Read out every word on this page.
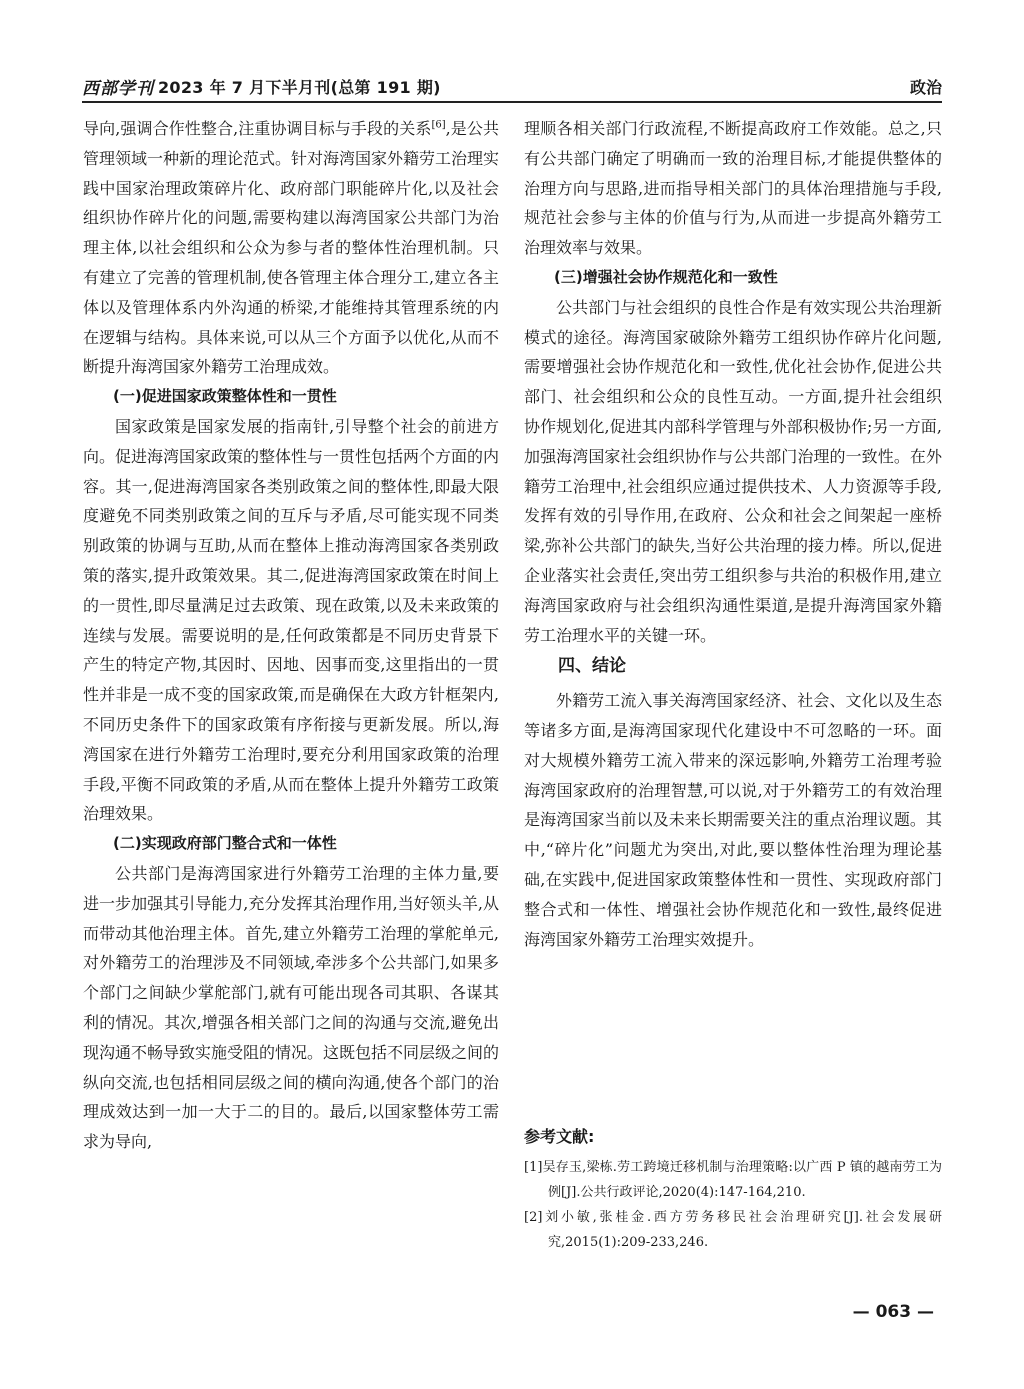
西部学刊 2023 年 7 月下半月刊(总第 191 期)	政治

导向,强调合作性整合,注重协调目标与手段的关系[6],是公共管理领域一种新的理论范式。针对海湾国家外籍劳工治理实践中国家治理政策碎片化、政府部门职能碎片化,以及社会组织协作碎片化的问题,需要构建以海湾国家公共部门为治理主体,以社会组织和公众为参与者的整体性治理机制。只有建立了完善的管理机制,使各管理主体合理分工,建立各主体以及管理体系内外沟通的桥梁,才能维持其管理系统的内在逻辑与结构。具体来说,可以从三个方面予以优化,从而不断提升海湾国家外籍劳工治理成效。

(一)促进国家政策整体性和一贯性

国家政策是国家发展的指南针,引导整个社会的前进方向。促进海湾国家政策的整体性与一贯性包括两个方面的内容。其一,促进海湾国家各类别政策之间的整体性,即最大限度避免不同类别政策之间的互斥与矛盾,尽可能实现不同类别政策的协调与互助,从而在整体上推动海湾国家各类别政策的落实,提升政策效果。其二,促进海湾国家政策在时间上的一贯性,即尽量满足过去政策、现在政策,以及未来政策的连续与发展。需要说明的是,任何政策都是不同历史背景下产生的特定产物,其因时、因地、因事而变,这里指出的一贯性并非是一成不变的国家政策,而是确保在大政方针框架内,不同历史条件下的国家政策有序衔接与更新发展。所以,海湾国家在进行外籍劳工治理时,要充分利用国家政策的治理手段,平衡不同政策的矛盾,从而在整体上提升外籍劳工政策治理效果。

(二)实现政府部门整合式和一体性

公共部门是海湾国家进行外籍劳工治理的主体力量,要进一步加强其引导能力,充分发挥其治理作用,当好领头羊,从而带动其他治理主体。首先,建立外籍劳工治理的掌舵单元,对外籍劳工的治理涉及不同领域,牵涉多个公共部门,如果多个部门之间缺少掌舵部门,就有可能出现各司其职、各谋其利的情况。其次,增强各相关部门之间的沟通与交流,避免出现沟通不畅导致实施受阻的情况。这既包括不同层级之间的纵向交流,也包括相同层级之间的横向沟通,使各个部门的治理成效达到一加一大于二的目的。最后,以国家整体劳工需求为导向,

理顺各相关部门行政流程,不断提高政府工作效能。总之,只有公共部门确定了明确而一致的治理目标,才能提供整体的治理方向与思路,进而指导相关部门的具体治理措施与手段,规范社会参与主体的价值与行为,从而进一步提高外籍劳工治理效率与效果。

(三)增强社会协作规范化和一致性

公共部门与社会组织的良性合作是有效实现公共治理新模式的途径。海湾国家破除外籍劳工组织协作碎片化问题,需要增强社会协作规范化和一致性,优化社会协作,促进公共部门、社会组织和公众的良性互动。一方面,提升社会组织协作规划化,促进其内部科学管理与外部积极协作;另一方面,加强海湾国家社会组织协作与公共部门治理的一致性。在外籍劳工治理中,社会组织应通过提供技术、人力资源等手段,发挥有效的引导作用,在政府、公众和社会之间架起一座桥梁,弥补公共部门的缺失,当好公共治理的接力棒。所以,促进企业落实社会责任,突出劳工组织参与共治的积极作用,建立海湾国家政府与社会组织沟通性渠道,是提升海湾国家外籍劳工治理水平的关键一环。

四、结论

外籍劳工流入事关海湾国家经济、社会、文化以及生态等诸多方面,是海湾国家现代化建设中不可忽略的一环。面对大规模外籍劳工流入带来的深远影响,外籍劳工治理考验海湾国家政府的治理智慧,可以说,对于外籍劳工的有效治理是海湾国家当前以及未来长期需要关注的重点治理议题。其中,“碎片化”问题尤为突出,对此,要以整体性治理为理论基础,在实践中,促进国家政策整体性和一贯性、实现政府部门整合式和一体性、增强社会协作规范化和一致性,最终促进海湾国家外籍劳工治理实效提升。

参考文献:

[1]吴存玉,梁栋.劳工跨境迁移机制与治理策略:以广西 P 镇的越南劳工为例[J].公共行政评论,2020(4):147-164,210.

[2]刘小敏,张桂金.西方劳务移民社会治理研究[J].社会发展研究,2015(1):209-233,246.

— 063 —
